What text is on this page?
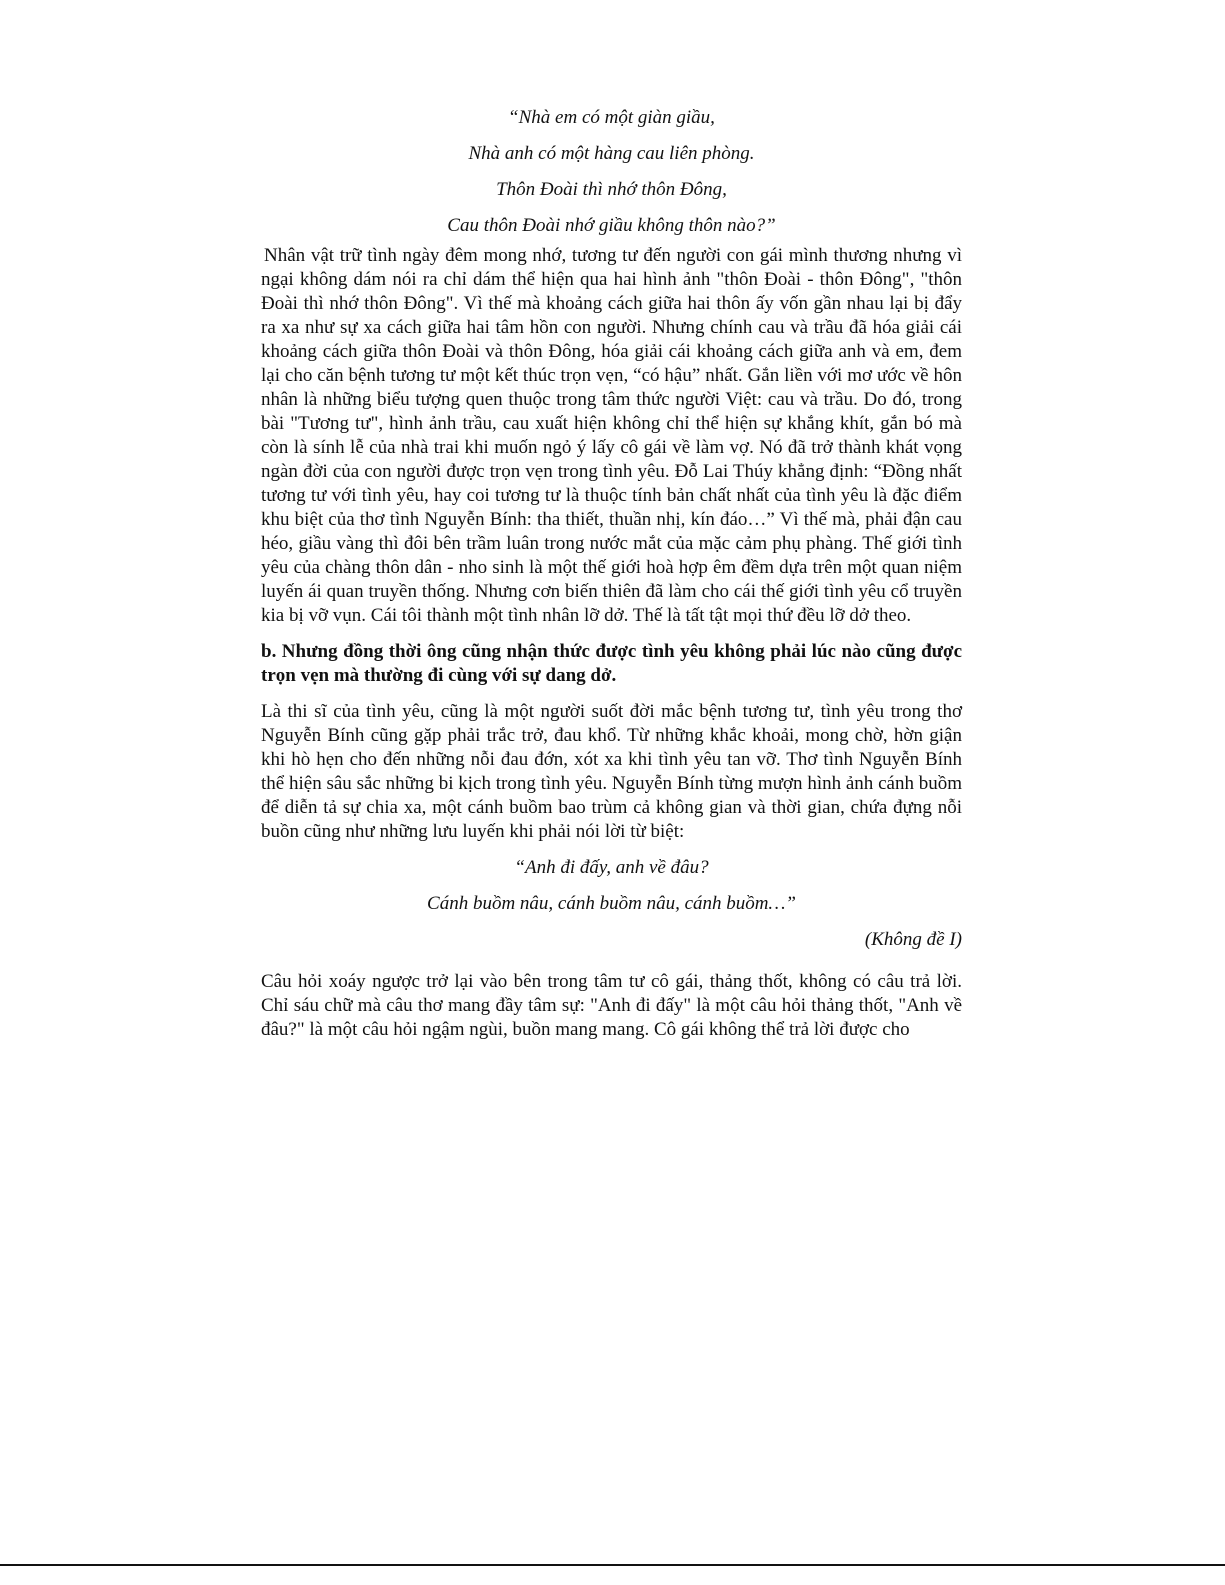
“Nhà em có một giàn giầu,
Nhà anh có một hàng cau liên phòng.
Thôn Đoài thì nhớ thôn Đông,
Cau thôn Đoài nhớ giầu không thôn nào?”

Nhân vật trữ tình ngày đêm mong nhớ, tương tư đến người con gái mình thương nhưng vì ngại không dám nói ra chỉ dám thể hiện qua hai hình ảnh "thôn Đoài - thôn Đông", "thôn Đoài thì nhớ thôn Đông". Vì thế mà khoảng cách giữa hai thôn ấy vốn gần nhau lại bị đẩy ra xa như sự xa cách giữa hai tâm hồn con người. Nhưng chính cau và trầu đã hóa giải cái khoảng cách giữa thôn Đoài và thôn Đông, hóa giải cái khoảng cách giữa anh và em, đem lại cho căn bệnh tương tư một kết thúc trọn vẹn, “có hậu” nhất. Gắn liền với mơ ước về hôn nhân là những biểu tượng quen thuộc trong tâm thức người Việt: cau và trầu. Do đó, trong bài "Tương tư", hình ảnh trầu, cau xuất hiện không chỉ thể hiện sự khắng khít, gắn bó mà còn là sính lễ của nhà trai khi muốn ngỏ ý lấy cô gái về làm vợ. Nó đã trở thành khát vọng ngàn đời của con người được trọn vẹn trong tình yêu. Đỗ Lai Thúy khẳng định: “Đồng nhất tương tư với tình yêu, hay coi tương tư là thuộc tính bản chất nhất của tình yêu là đặc điểm khu biệt của thơ tình Nguyễn Bính: tha thiết, thuần nhị, kín đáo…” Vì thế mà, phải đận cau héo, giầu vàng thì đôi bên trầm luân trong nước mắt của mặc cảm phụ phàng. Thế giới tình yêu của chàng thôn dân - nho sinh là một thế giới hoà hợp êm đềm dựa trên một quan niệm luyến ái quan truyền thống. Nhưng cơn biến thiên đã làm cho cái thế giới tình yêu cổ truyền kia bị vỡ vụn. Cái tôi thành một tình nhân lỡ dở. Thế là tất tật mọi thứ đều lỡ dở theo.

b. Nhưng đồng thời ông cũng nhận thức được tình yêu không phải lúc nào cũng được trọn vẹn mà thường đi cùng với sự dang dở.

Là thi sĩ của tình yêu, cũng là một người suốt đời mắc bệnh tương tư, tình yêu trong thơ Nguyễn Bính cũng gặp phải trắc trở, đau khổ. Từ những khắc khoải, mong chờ, hờn giận khi hò hẹn cho đến những nỗi đau đớn, xót xa khi tình yêu tan vỡ. Thơ tình Nguyễn Bính thể hiện sâu sắc những bi kịch trong tình yêu. Nguyễn Bính từng mượn hình ảnh cánh buồm để diễn tả sự chia xa, một cánh buồm bao trùm cả không gian và thời gian, chứa đựng nỗi buồn cũng như những lưu luyến khi phải nói lời từ biệt:

“Anh đi đấy, anh về đâu?
Cánh buồm nâu, cánh buồm nâu, cánh buồm…”
(Không đề I)

Câu hỏi xoáy ngược trở lại vào bên trong tâm tư cô gái, thảng thốt, không có câu trả lời. Chỉ sáu chữ mà câu thơ mang đầy tâm sự: "Anh đi đấy" là một câu hỏi thảng thốt, "Anh về đâu?" là một câu hỏi ngậm ngùi, buồn mang mang. Cô gái không thể trả lời được cho
